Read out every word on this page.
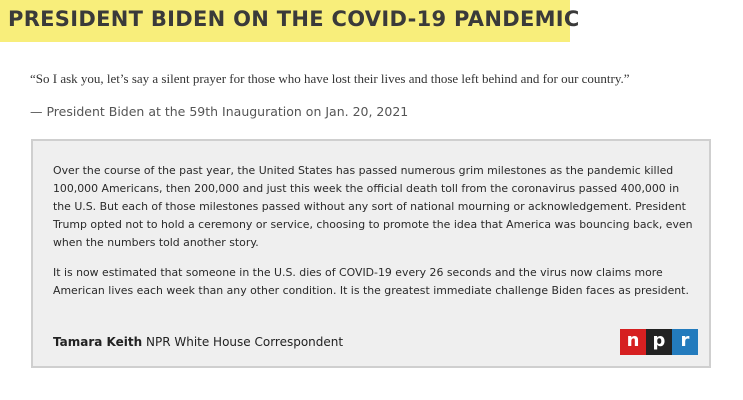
PRESIDENT BIDEN ON THE COVID-19 PANDEMIC
“So I ask you, let’s say a silent prayer for those who have lost their lives and those left behind and for our country.”
— President Biden at the 59th Inauguration on Jan. 20, 2021

Over the course of the past year, the United States has passed numerous grim milestones as the pandemic killed 100,000 Americans, then 200,000 and just this week the official death toll from the coronavirus passed 400,000 in the U.S. But each of those milestones passed without any sort of national mourning or acknowledgement. President Trump opted not to hold a ceremony or service, choosing to promote the idea that America was bouncing back, even when the numbers told another story.

It is now estimated that someone in the U.S. dies of COVID-19 every 26 seconds and the virus now claims more American lives each week than any other condition. It is the greatest immediate challenge Biden faces as president.

Tamara Keith NPR White House Correspondent	n p r
